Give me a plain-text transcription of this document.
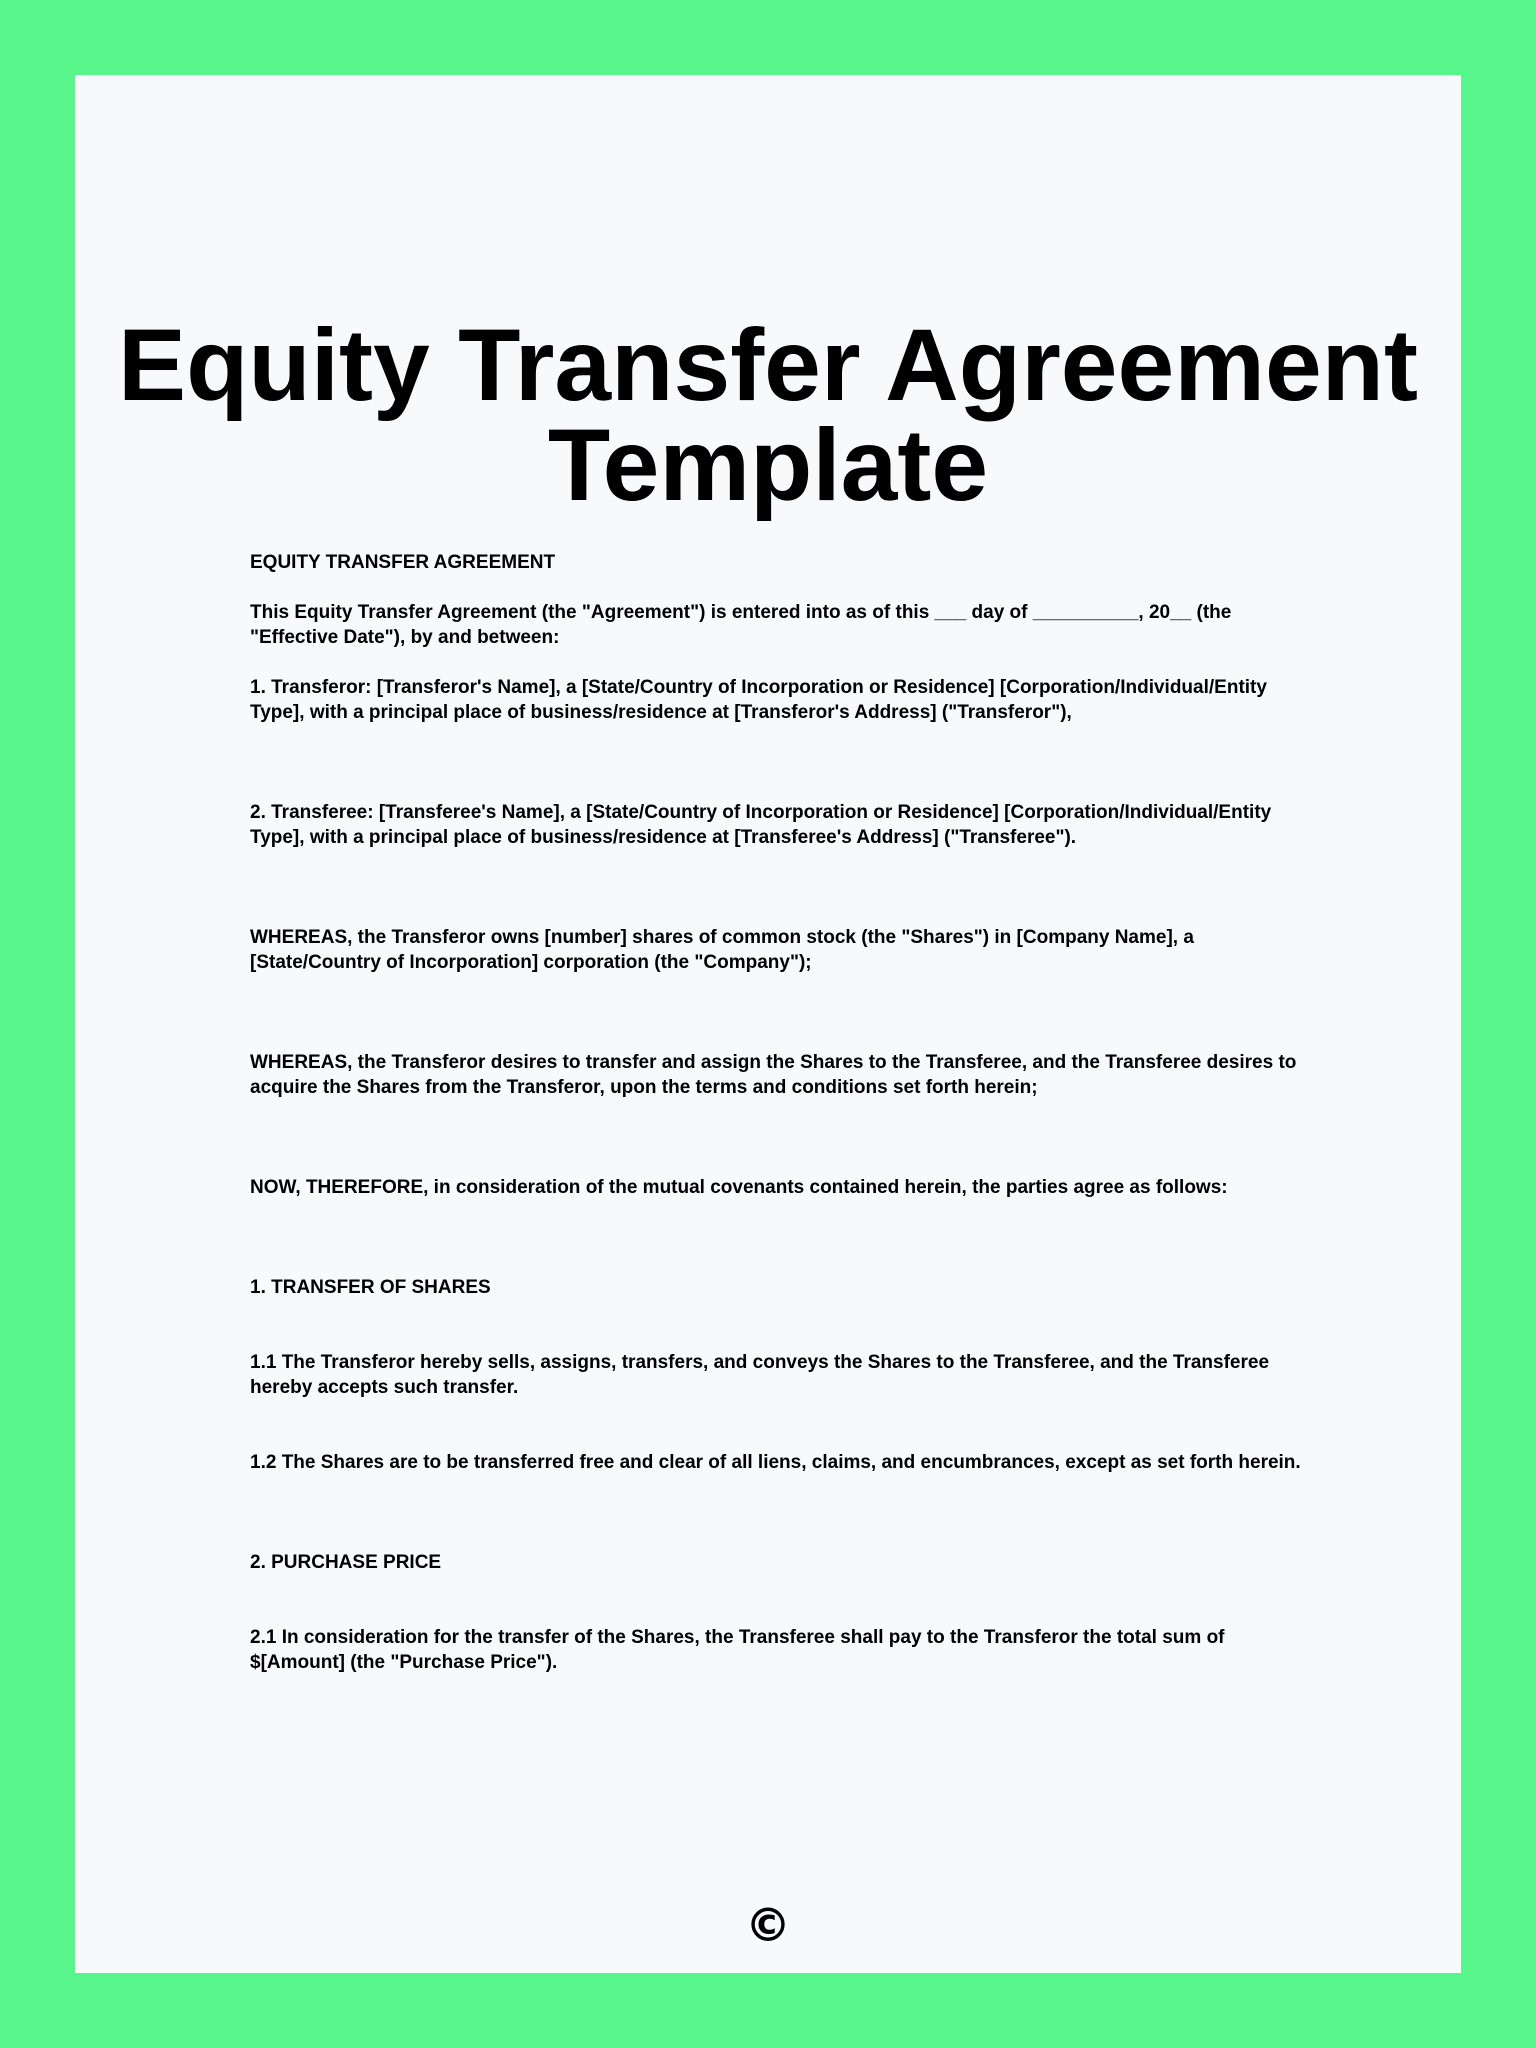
Equity Transfer Agreement Template

EQUITY TRANSFER AGREEMENT

This Equity Transfer Agreement (the "Agreement") is entered into as of this ___ day of __________, 20__ (the "Effective Date"), by and between:

1. Transferor: [Transferor's Name], a [State/Country of Incorporation or Residence] [Corporation/Individual/Entity Type], with a principal place of business/residence at [Transferor's Address] ("Transferor"),

2. Transferee: [Transferee's Name], a [State/Country of Incorporation or Residence] [Corporation/Individual/Entity Type], with a principal place of business/residence at [Transferee's Address] ("Transferee").

WHEREAS, the Transferor owns [number] shares of common stock (the "Shares") in [Company Name], a [State/Country of Incorporation] corporation (the "Company");

WHEREAS, the Transferor desires to transfer and assign the Shares to the Transferee, and the Transferee desires to acquire the Shares from the Transferor, upon the terms and conditions set forth herein;

NOW, THEREFORE, in consideration of the mutual covenants contained herein, the parties agree as follows:

1. TRANSFER OF SHARES

1.1 The Transferor hereby sells, assigns, transfers, and conveys the Shares to the Transferee, and the Transferee hereby accepts such transfer.

1.2 The Shares are to be transferred free and clear of all liens, claims, and encumbrances, except as set forth herein.

2. PURCHASE PRICE

2.1 In consideration for the transfer of the Shares, the Transferee shall pay to the Transferor the total sum of $[Amount] (the "Purchase Price").

©
